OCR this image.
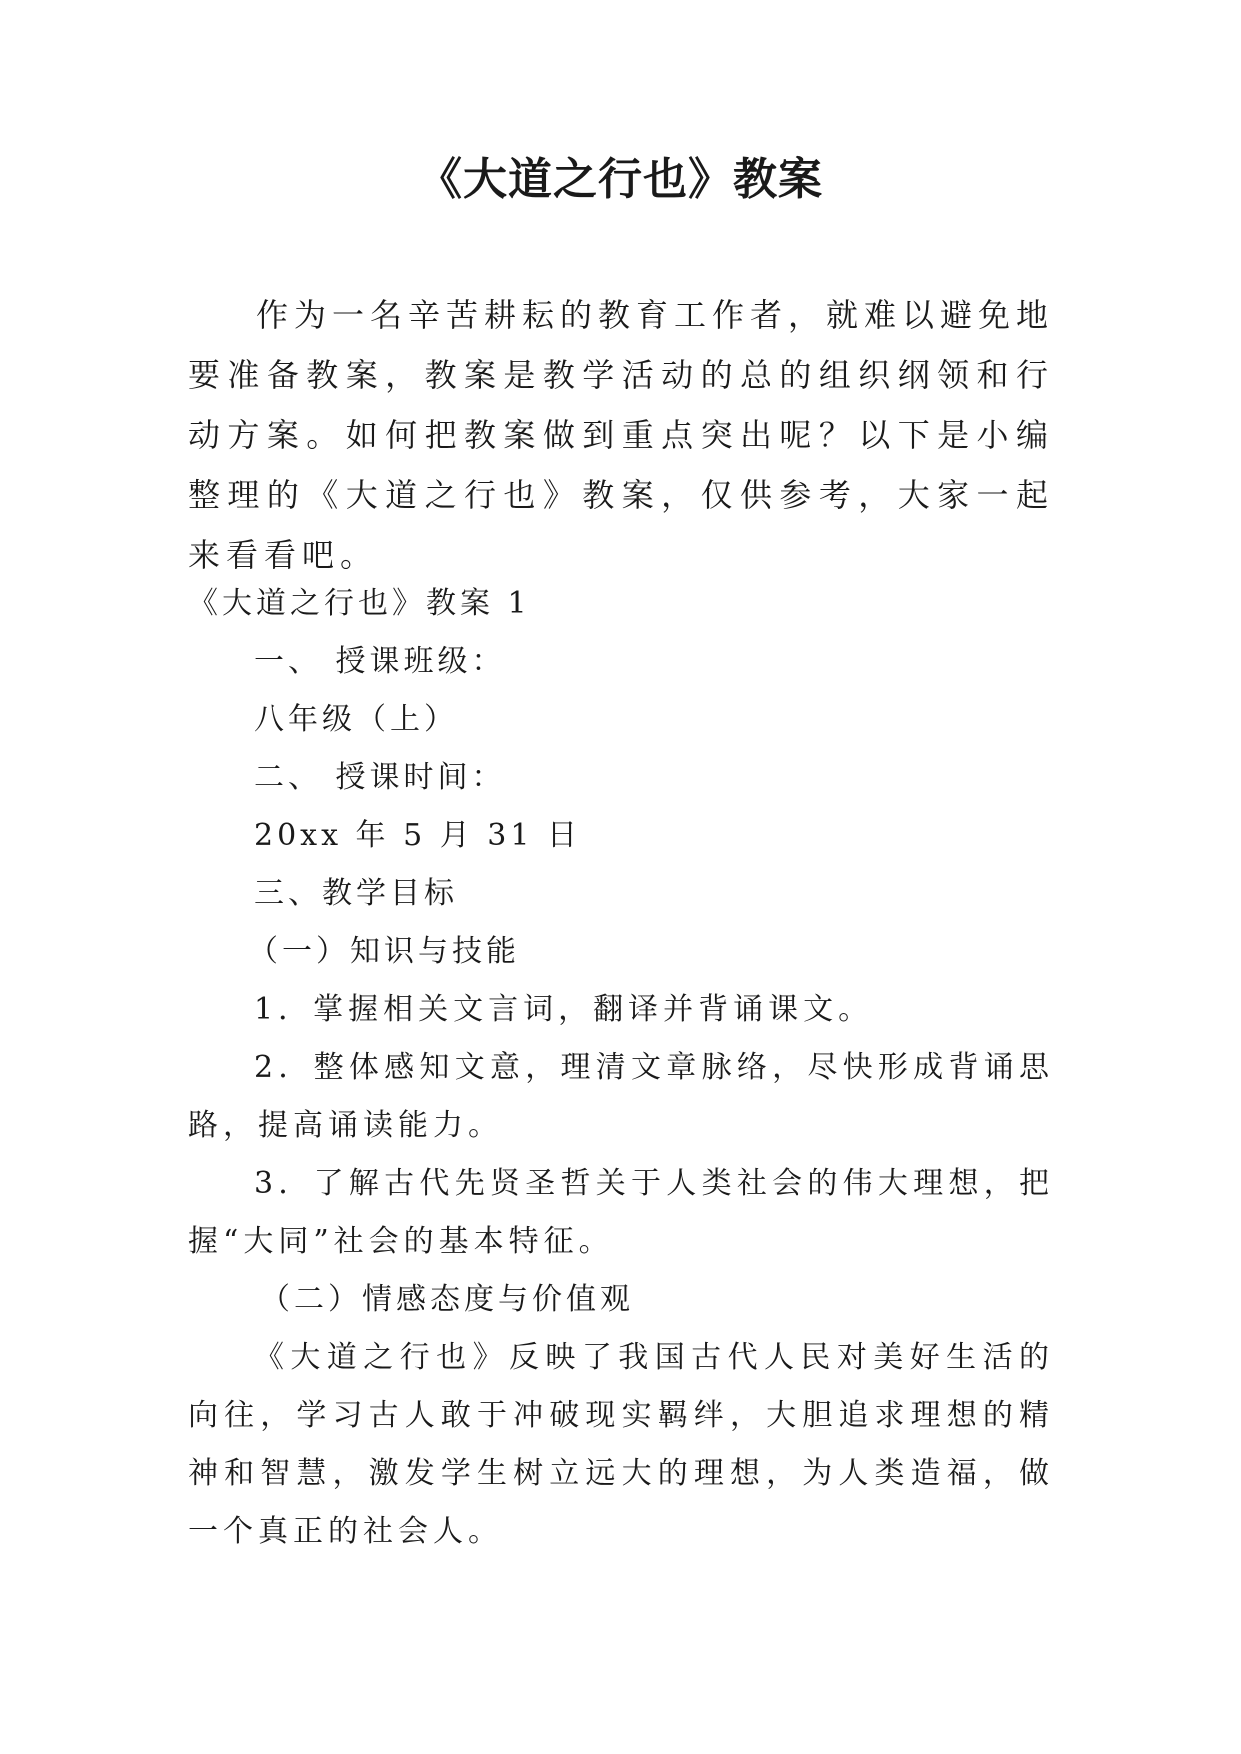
《大道之行也》教案

作为一名辛苦耕耘的教育工作者，就难以避免地要准备教案，教案是教学活动的总的组织纲领和行动方案。如何把教案做到重点突出呢？以下是小编整理的《大道之行也》教案，仅供参考，大家一起来看看吧。

《大道之行也》教案 1

一、 授课班级：

八年级（上）

二、 授课时间：

20xx 年 5 月 31 日

三、教学目标

（一）知识与技能

1．掌握相关文言词，翻译并背诵课文。

2．整体感知文意，理清文章脉络，尽快形成背诵思路，提高诵读能力。

3．了解古代先贤圣哲关于人类社会的伟大理想，把握“大同”社会的基本特征。

（二）情感态度与价值观

《大道之行也》反映了我国古代人民对美好生活的向往，学习古人敢于冲破现实羁绊，大胆追求理想的精神和智慧，激发学生树立远大的理想，为人类造福，做一个真正的社会人。
